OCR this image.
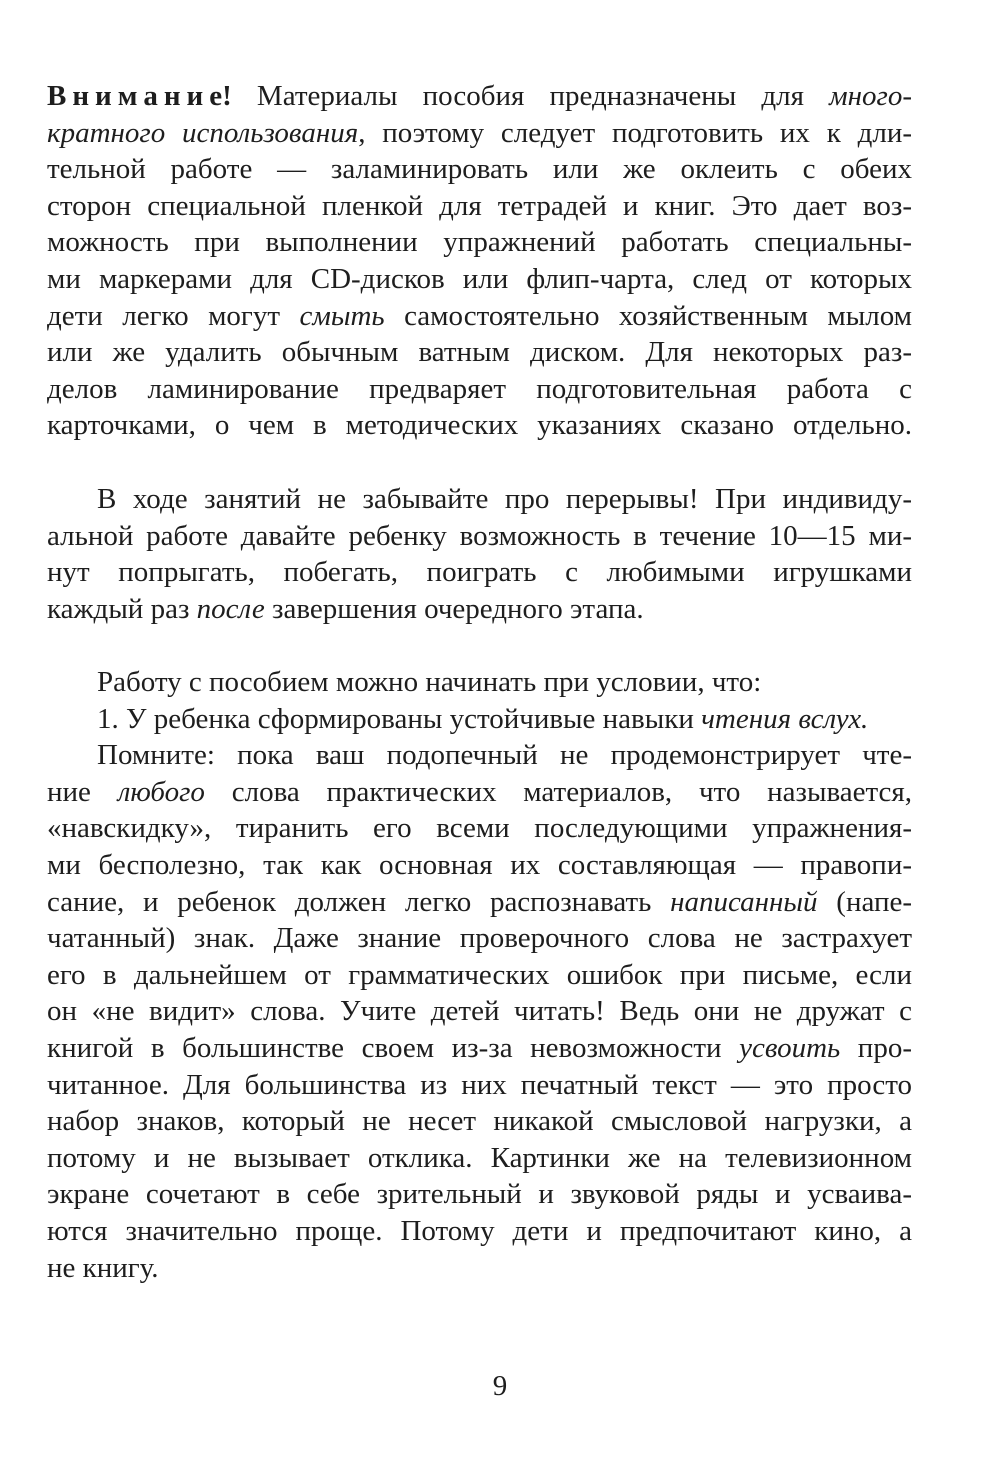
Внимание! Материалы пособия предназначены для много-
кратного использования, поэтому следует подготовить их к дли-
тельной работе — заламинировать или же оклеить с обеих
сторон специальной пленкой для тетрадей и книг. Это дает воз-
можность при выполнении упражнений работать специальны-
ми маркерами для CD-дисков или флип-чарта, след от которых
дети легко могут смыть самостоятельно хозяйственным мылом
или же удалить обычным ватным диском. Для некоторых раз-
делов ламинирование предваряет подготовительная работа с
карточками, о чем в методических указаниях сказано отдельно.
В ходе занятий не забывайте про перерывы! При индивиду-
альной работе давайте ребенку возможность в течение 10—15 ми-
нут попрыгать, побегать, поиграть с любимыми игрушками
каждый раз после завершения очередного этапа.
Работу с пособием можно начинать при условии, что:
1. У ребенка сформированы устойчивые навыки чтения вслух.
Помните: пока ваш подопечный не продемонстрирует чте-
ние любого слова практических материалов, что называется,
«навскидку», тиранить его всеми последующими упражнения-
ми бесполезно, так как основная их составляющая — правопи-
сание, и ребенок должен легко распознавать написанный (напе-
чатанный) знак. Даже знание проверочного слова не застрахует
его в дальнейшем от грамматических ошибок при письме, если
он «не видит» слова. Учите детей читать! Ведь они не дружат с
книгой в большинстве своем из-за невозможности усвоить про-
читанное. Для большинства из них печатный текст — это просто
набор знаков, который не несет никакой смысловой нагрузки, а
потому и не вызывает отклика. Картинки же на телевизионном
экране сочетают в себе зрительный и звуковой ряды и усваива-
ются значительно проще. Потому дети и предпочитают кино, а
не книгу.
9
